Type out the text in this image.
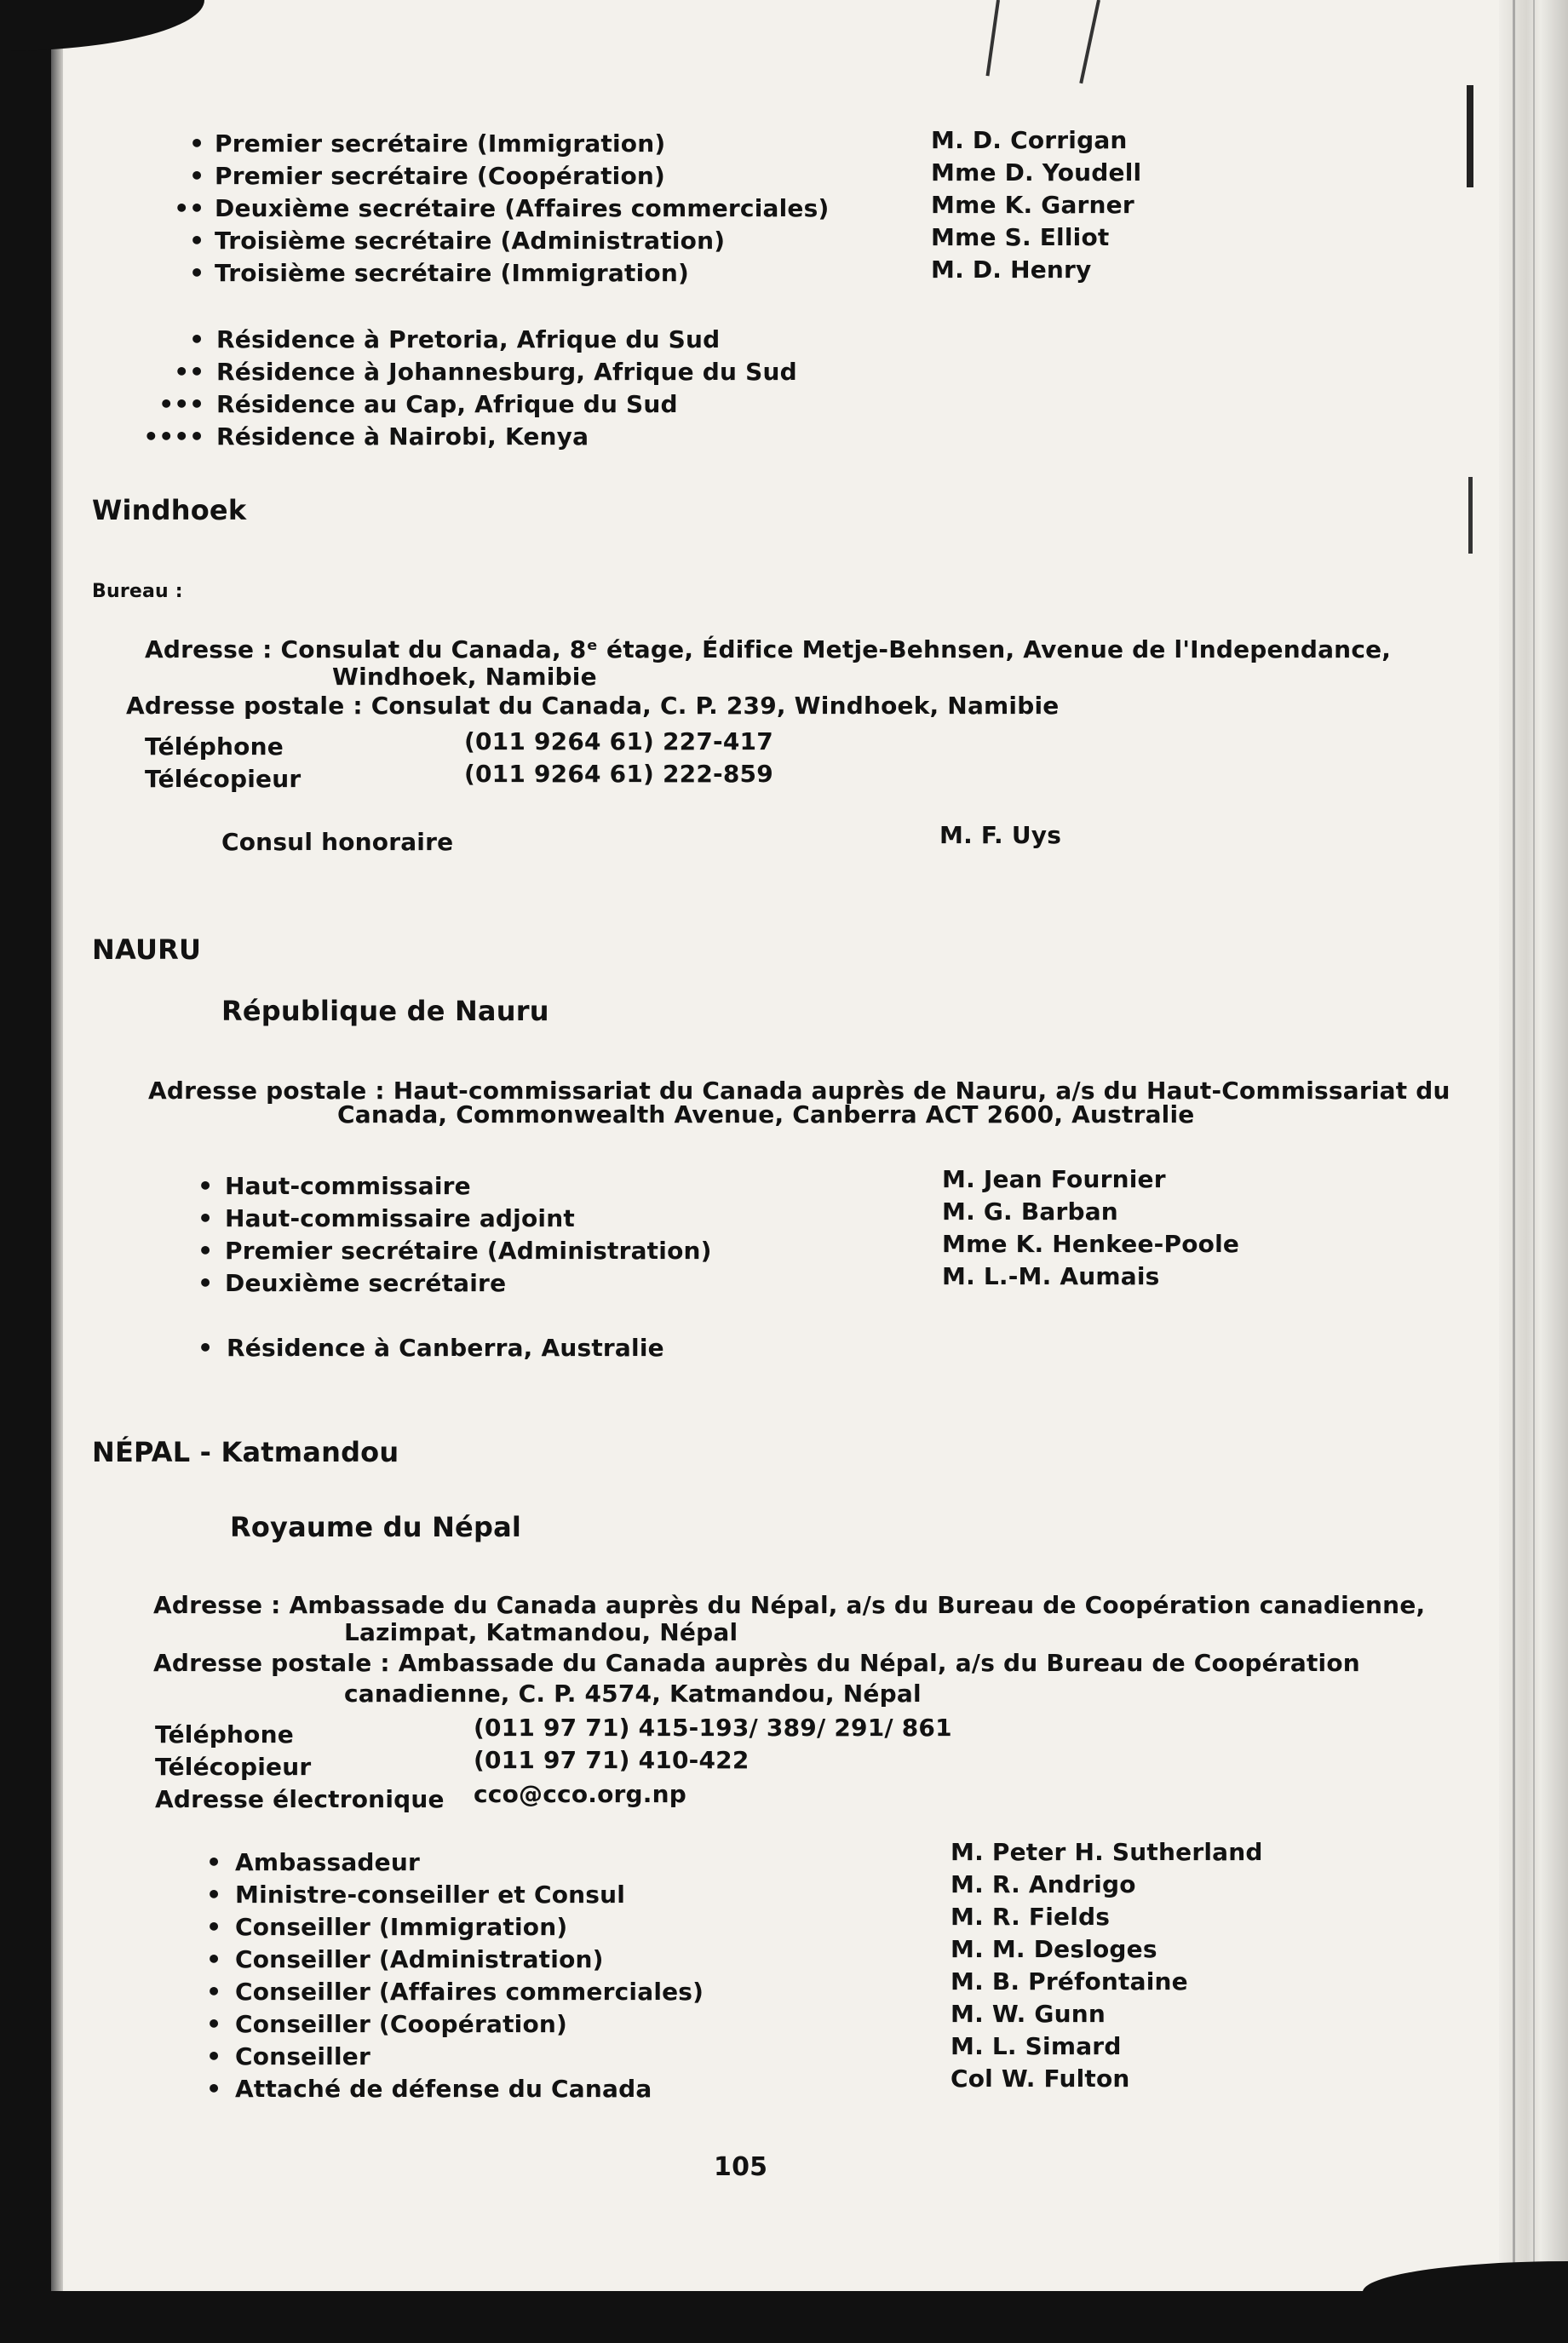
• Premier secrétaire (Immigration)	M. D. Corrigan
• Premier secrétaire (Coopération)	Mme D. Youdell
•• Deuxième secrétaire (Affaires commerciales)	Mme K. Garner
• Troisième secrétaire (Administration)	Mme S. Elliot
• Troisième secrétaire (Immigration)	M. D. Henry
• Résidence à Pretoria, Afrique du Sud
•• Résidence à Johannesburg, Afrique du Sud
••• Résidence au Cap, Afrique du Sud
•••• Résidence à Nairobi, Kenya
Windhoek
Bureau :
Adresse : Consulat du Canada, 8ᵉ étage, Édifice Metje-Behnsen, Avenue de l'Independance,
Windhoek, Namibie
Adresse postale : Consulat du Canada, C. P. 239, Windhoek, Namibie
Téléphone	(011 9264 61) 227-417
Télécopieur	(011 9264 61) 222-859
Consul honoraire	M. F. Uys
NAURU
République de Nauru
Adresse postale : Haut-commissariat du Canada auprès de Nauru, a/s du Haut-Commissariat du
Canada, Commonwealth Avenue, Canberra ACT 2600, Australie
• Haut-commissaire	M. Jean Fournier
• Haut-commissaire adjoint	M. G. Barban
• Premier secrétaire (Administration)	Mme K. Henkee-Poole
• Deuxième secrétaire	M. L.-M. Aumais
• Résidence à Canberra, Australie
NÉPAL - Katmandou
Royaume du Népal
Adresse : Ambassade du Canada auprès du Népal, a/s du Bureau de Coopération canadienne,
Lazimpat, Katmandou, Népal
Adresse postale : Ambassade du Canada auprès du Népal, a/s du Bureau de Coopération
canadienne, C. P. 4574, Katmandou, Népal
Téléphone	(011 97 71) 415-193/ 389/ 291/ 861
Télécopieur	(011 97 71) 410-422
Adresse électronique cco@cco.org.np
• Ambassadeur	M. Peter H. Sutherland
• Ministre-conseiller et Consul	M. R. Andrigo
• Conseiller (Immigration)	M. R. Fields
• Conseiller (Administration)	M. M. Desloges
• Conseiller (Affaires commerciales)	M. B. Préfontaine
• Conseiller (Coopération)	M. W. Gunn
• Conseiller	M. L. Simard
• Attaché de défense du Canada	Col W. Fulton
105
